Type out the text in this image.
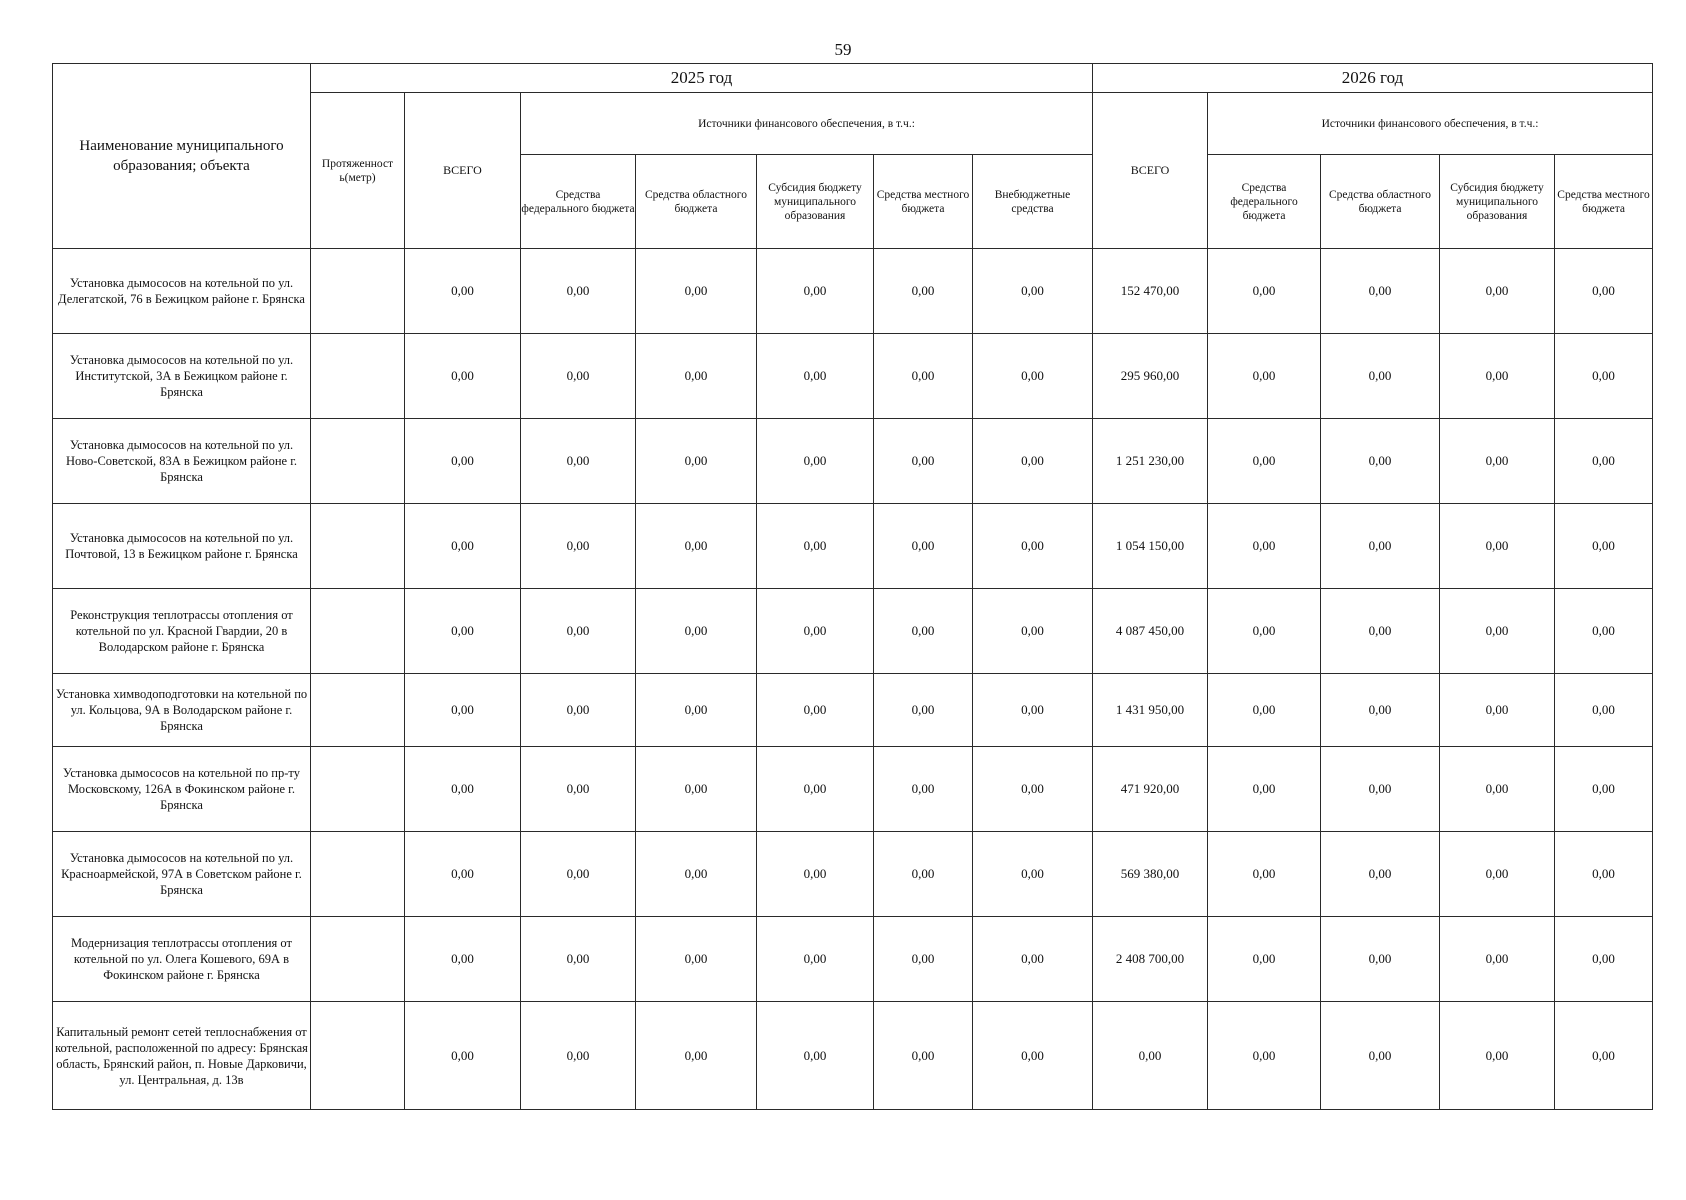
59
Наименование муниципального образования; объекта	2025 год							2026 год				
	Протяженност ь(метр)	ВСЕГО	Источники финансового обеспечения, в т.ч.:					ВСЕГО	Источники финансового обеспечения, в т.ч.:			
			Средства федерального бюджета	Средства областного бюджета	Субсидия бюджету муниципального образования	Средства местного бюджета	Внебюджетные средства		Средства федерального бюджета	Средства областного бюджета	Субсидия бюджету муниципального образования	Средства местного бюджета
Установка дымососов на котельной по ул. Делегатской, 76 в Бежицком районе г. Брянска		0,00	0,00	0,00	0,00	0,00	0,00	152 470,00	0,00	0,00	0,00	0,00
Установка дымососов на котельной по ул. Институтской, 3А в Бежицком районе г. Брянска		0,00	0,00	0,00	0,00	0,00	0,00	295 960,00	0,00	0,00	0,00	0,00
Установка дымососов на котельной по ул. Ново-Советской, 83А в Бежицком районе г. Брянска		0,00	0,00	0,00	0,00	0,00	0,00	1 251 230,00	0,00	0,00	0,00	0,00
Установка дымососов на котельной по ул. Почтовой, 13 в Бежицком районе г. Брянска		0,00	0,00	0,00	0,00	0,00	0,00	1 054 150,00	0,00	0,00	0,00	0,00
Реконструкция теплотрассы отопления от котельной по ул. Красной Гвардии, 20 в Володарском районе г. Брянска		0,00	0,00	0,00	0,00	0,00	0,00	4 087 450,00	0,00	0,00	0,00	0,00
Установка химводоподготовки на котельной по ул. Кольцова, 9А в Володарском районе г. Брянска		0,00	0,00	0,00	0,00	0,00	0,00	1 431 950,00	0,00	0,00	0,00	0,00
Установка дымососов на котельной по пр-ту Московскому, 126А в Фокинском районе г. Брянска		0,00	0,00	0,00	0,00	0,00	0,00	471 920,00	0,00	0,00	0,00	0,00
Установка дымососов на котельной по ул. Красноармейской, 97А в Советском районе г. Брянска		0,00	0,00	0,00	0,00	0,00	0,00	569 380,00	0,00	0,00	0,00	0,00
Модернизация теплотрассы отопления от котельной по ул. Олега Кошевого, 69А в Фокинском районе г. Брянска		0,00	0,00	0,00	0,00	0,00	0,00	2 408 700,00	0,00	0,00	0,00	0,00
Капитальный ремонт сетей теплоснабжения от котельной, расположенной по адресу: Брянская область, Брянский район, п. Новые Дарковичи, ул. Центральная, д. 13в		0,00	0,00	0,00	0,00	0,00	0,00	0,00	0,00	0,00	0,00	0,00
